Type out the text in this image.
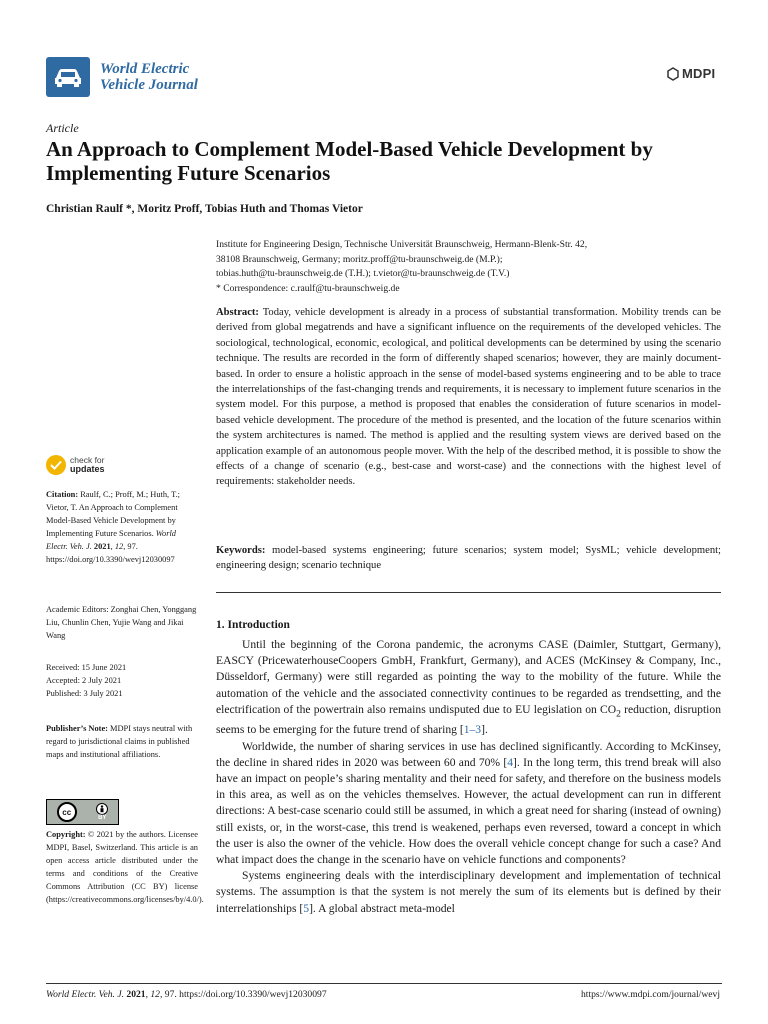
World Electric
Vehicle Journal
MDPI
Article
An Approach to Complement Model-Based Vehicle Development by Implementing Future Scenarios
Christian Raulf *, Moritz Proff, Tobias Huth and Thomas Vietor
Institute for Engineering Design, Technische Universität Braunschweig, Hermann-Blenk-Str. 42,
38108 Braunschweig, Germany; moritz.proff@tu-braunschweig.de (M.P.);
tobias.huth@tu-braunschweig.de (T.H.); t.vietor@tu-braunschweig.de (T.V.)
* Correspondence: c.raulf@tu-braunschweig.de
Abstract: Today, vehicle development is already in a process of substantial transformation. Mobility trends can be derived from global megatrends and have a significant influence on the requirements of the developed vehicles. The sociological, technological, economic, ecological, and political developments can be determined by using the scenario technique. The results are recorded in the form of differently shaped scenarios; however, they are mainly document-based. In order to ensure a holistic approach in the sense of model-based systems engineering and to be able to trace the interrelationships of the fast-changing trends and requirements, it is necessary to implement future scenarios in the system model. For this purpose, a method is proposed that enables the consideration of future scenarios in model-based vehicle development. The procedure of the method is presented, and the location of the future scenarios within the system architectures is named. The method is applied and the resulting system views are derived based on the application example of an autonomous people mover. With the help of the described method, it is possible to show the effects of a change of scenario (e.g., best-case and worst-case) and the connections with the highest level of requirements: stakeholder needs.
Keywords: model-based systems engineering; future scenarios; system model; SysML; vehicle development; engineering design; scenario technique
1. Introduction

Until the beginning of the Corona pandemic, the acronyms CASE (Daimler, Stuttgart, Germany), EASCY (PricewaterhouseCoopers GmbH, Frankfurt, Germany), and ACES (McKinsey & Company, Inc., Düsseldorf, Germany) were still regarded as pointing the way to the mobility of the future. While the automation of the vehicle and the associated connectivity continues to be regarded as trendsetting, and the electrification of the powertrain also remains undisputed due to EU legislation on $CO_2$ reduction, disruption seems to be emerging for the future trend of sharing [1–3].

Worldwide, the number of sharing services in use has declined significantly. According to McKinsey, the decline in shared rides in 2020 was between 60 and 70% [4]. In the long term, this trend break will also have an impact on people’s sharing mentality and their need for safety, and therefore on the business models in this area, as well as on the vehicles themselves. However, the actual development can run in different directions: A best-case scenario could still be assumed, in which a great need for sharing (instead of owning) still exists, or, in the worst-case, this trend is weakened, perhaps even reversed, toward a concept in which the user is also the owner of the vehicle. How does the overall vehicle concept change for such a case? And what impact does the change in the scenario have on vehicle functions and components?

Systems engineering deals with the interdisciplinary development and implementation of technical systems. The assumption is that the system is not merely the sum of its elements but is defined by their interrelationships [5]. A global abstract meta-model

check for
updates
Citation: Raulf, C.; Proff, M.; Huth, T.; Vietor, T. An Approach to Complement Model-Based Vehicle Development by Implementing Future Scenarios. World Electr. Veh. J. 2021, 12, 97. https://doi.org/10.3390/wevj12030097
Academic Editors: Zonghai Chen, Yonggang Liu, Chunlin Chen, Yujie Wang and Jikai Wang
Received: 15 June 2021
Accepted: 2 July 2021
Published: 3 July 2021
Publisher’s Note: MDPI stays neutral with regard to jurisdictional claims in published maps and institutional affiliations.
cc
BY
Copyright: © 2021 by the authors. Licensee MDPI, Basel, Switzerland. This article is an open access article distributed under the terms and conditions of the Creative Commons Attribution (CC BY) license (https://creativecommons.org/licenses/by/4.0/).
World Electr. Veh. J. 2021, 12, 97. https://doi.org/10.3390/wevj12030097	https://www.mdpi.com/journal/wevj
